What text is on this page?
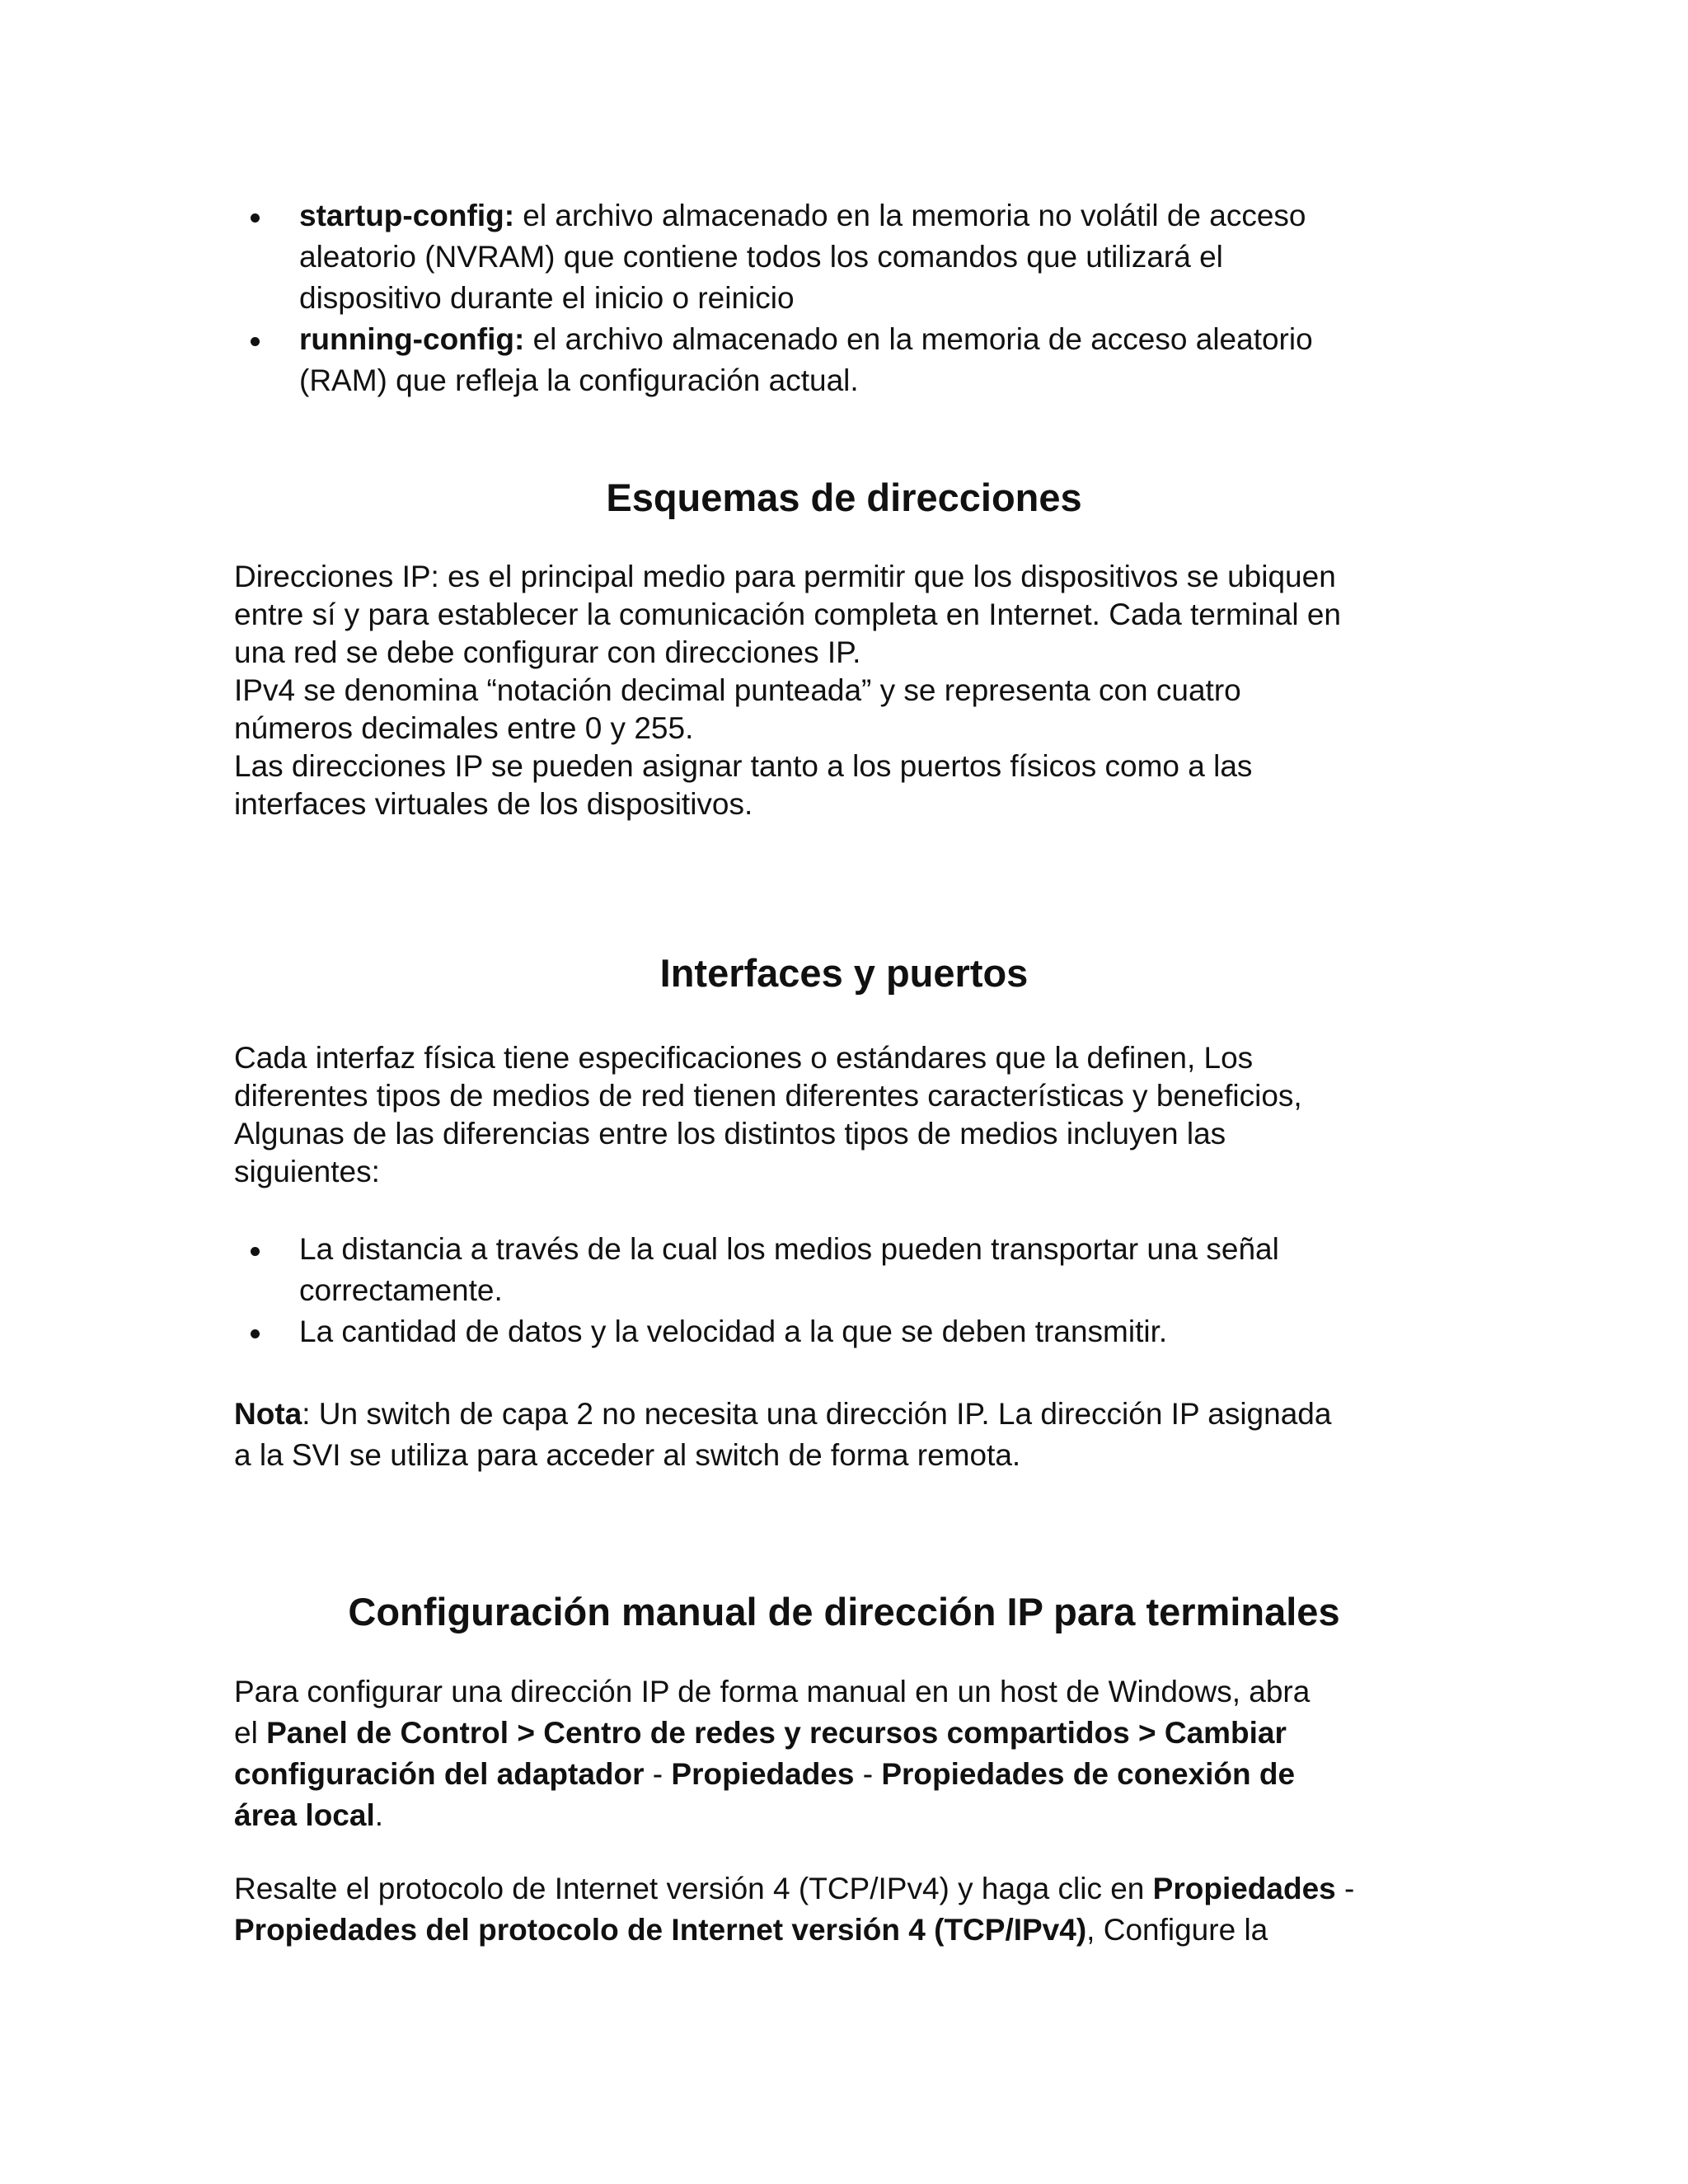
startup-config: el archivo almacenado en la memoria no volátil de acceso
aleatorio (NVRAM) que contiene todos los comandos que utilizará el
dispositivo durante el inicio o reinicio
running-config: el archivo almacenado en la memoria de acceso aleatorio
(RAM) que refleja la configuración actual.
Esquemas de direcciones

Direcciones IP: es el principal medio para permitir que los dispositivos se ubiquen
entre sí y para establecer la comunicación completa en Internet. Cada terminal en
una red se debe configurar con direcciones IP.
IPv4 se denomina “notación decimal punteada” y se representa con cuatro
números decimales entre 0 y 255.
Las direcciones IP se pueden asignar tanto a los puertos físicos como a las
interfaces virtuales de los dispositivos.

Interfaces y puertos

Cada interfaz física tiene especificaciones o estándares que la definen, Los
diferentes tipos de medios de red tienen diferentes características y beneficios,
Algunas de las diferencias entre los distintos tipos de medios incluyen las
siguientes:

La distancia a través de la cual los medios pueden transportar una señal
correctamente.
La cantidad de datos y la velocidad a la que se deben transmitir.

Nota: Un switch de capa 2 no necesita una dirección IP. La dirección IP asignada
a la SVI se utiliza para acceder al switch de forma remota.

Configuración manual de dirección IP para terminales

Para configurar una dirección IP de forma manual en un host de Windows, abra
el Panel de Control > Centro de redes y recursos compartidos > Cambiar
configuración del adaptador - Propiedades - Propiedades de conexión de
área local.

Resalte el protocolo de Internet versión 4 (TCP/IPv4) y haga clic en Propiedades -
Propiedades del protocolo de Internet versión 4 (TCP/IPv4), Configure la
